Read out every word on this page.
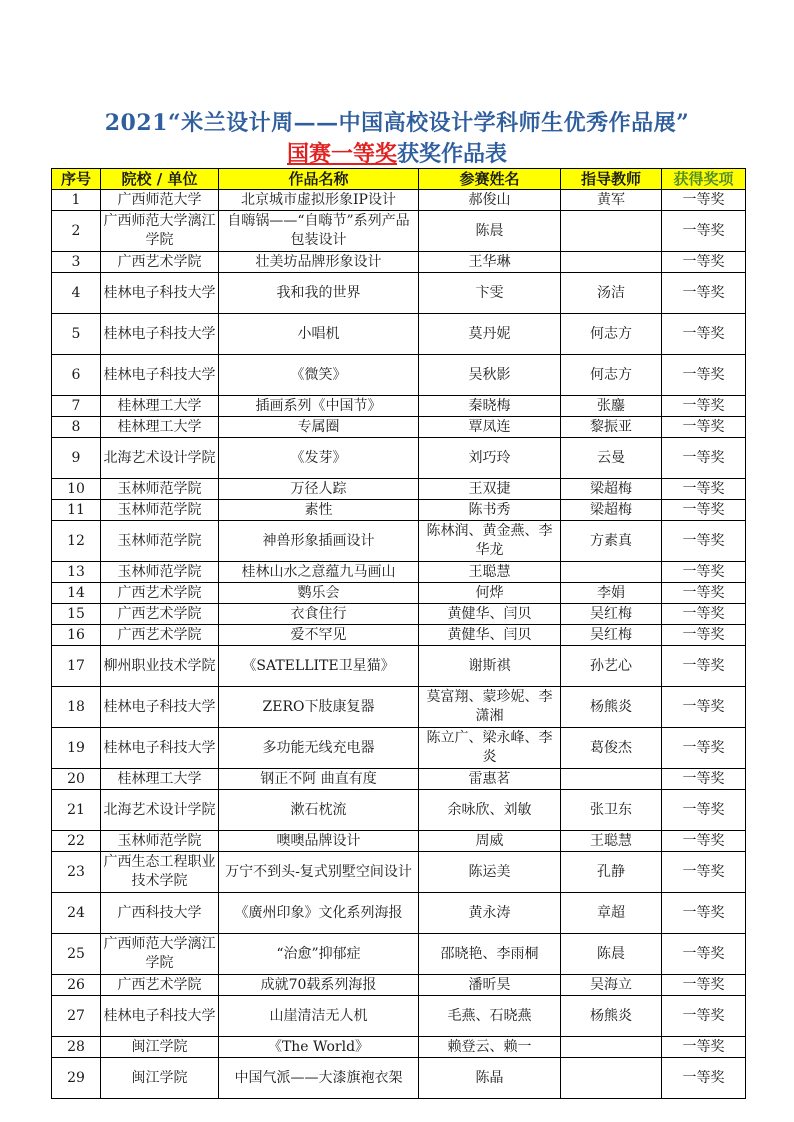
2021“米兰设计周——中国高校设计学科师生优秀作品展”
国赛一等奖获奖作品表
序号	院校 / 单位	作品名称	参赛姓名	指导教师	获得奖项
1	广西师范大学	北京城市虚拟形象IP设计	郝俊山	黄军	一等奖
2	广西师范大学漓江学院	自嗨锅——“自嗨节”系列产品包装设计	陈晨		一等奖
3	广西艺术学院	壮美坊品牌形象设计	王华琳		一等奖
4	桂林电子科技大学	我和我的世界	卞雯	汤洁	一等奖
5	桂林电子科技大学	小唱机	莫丹妮	何志方	一等奖
6	桂林电子科技大学	《微笑》	吴秋影	何志方	一等奖
7	桂林理工大学	插画系列《中国节》	秦晓梅	张鏖	一等奖
8	桂林理工大学	专属圈	覃凤连	黎振亚	一等奖
9	北海艺术设计学院	《发芽》	刘巧玲	云曼	一等奖
10	玉林师范学院	万径人踪	王双捷	梁超梅	一等奖
11	玉林师范学院	素性	陈书秀	梁超梅	一等奖
12	玉林师范学院	神兽形象插画设计	陈林润、黄金燕、李华龙	方素真	一等奖
13	玉林师范学院	桂林山水之意蕴九马画山	王聪慧		一等奖
14	广西艺术学院	鹦乐会	何烨	李娟	一等奖
15	广西艺术学院	衣食住行	黄健华、闫贝	吴红梅	一等奖
16	广西艺术学院	爱不罕见	黄健华、闫贝	吴红梅	一等奖
17	柳州职业技术学院	《SATELLITE卫星猫》	谢斯祺	孙艺心	一等奖
18	桂林电子科技大学	ZERO下肢康复器	莫富翔、蒙珍妮、李潇湘	杨熊炎	一等奖
19	桂林电子科技大学	多功能无线充电器	陈立广、梁永峰、李炎	葛俊杰	一等奖
20	桂林理工大学	钢正不阿 曲直有度	雷惠茗		一等奖
21	北海艺术设计学院	漱石枕流	余咏欣、刘敏	张卫东	一等奖
22	玉林师范学院	噢噢品牌设计	周威	王聪慧	一等奖
23	广西生态工程职业技术学院	万宁不到头-复式别墅空间设计	陈运美	孔静	一等奖
24	广西科技大学	《廣州印象》文化系列海报	黄永涛	章超	一等奖
25	广西师范大学漓江学院	“治愈”抑郁症	邵晓艳、李雨桐	陈晨	一等奖
26	广西艺术学院	成就70载系列海报	潘昕昊	吴海立	一等奖
27	桂林电子科技大学	山崖清洁无人机	毛燕、石晓燕	杨熊炎	一等奖
28	闽江学院	《The World》	赖登云、赖一		一等奖
29	闽江学院	中国气派——大漆旗袍衣架	陈晶		一等奖
